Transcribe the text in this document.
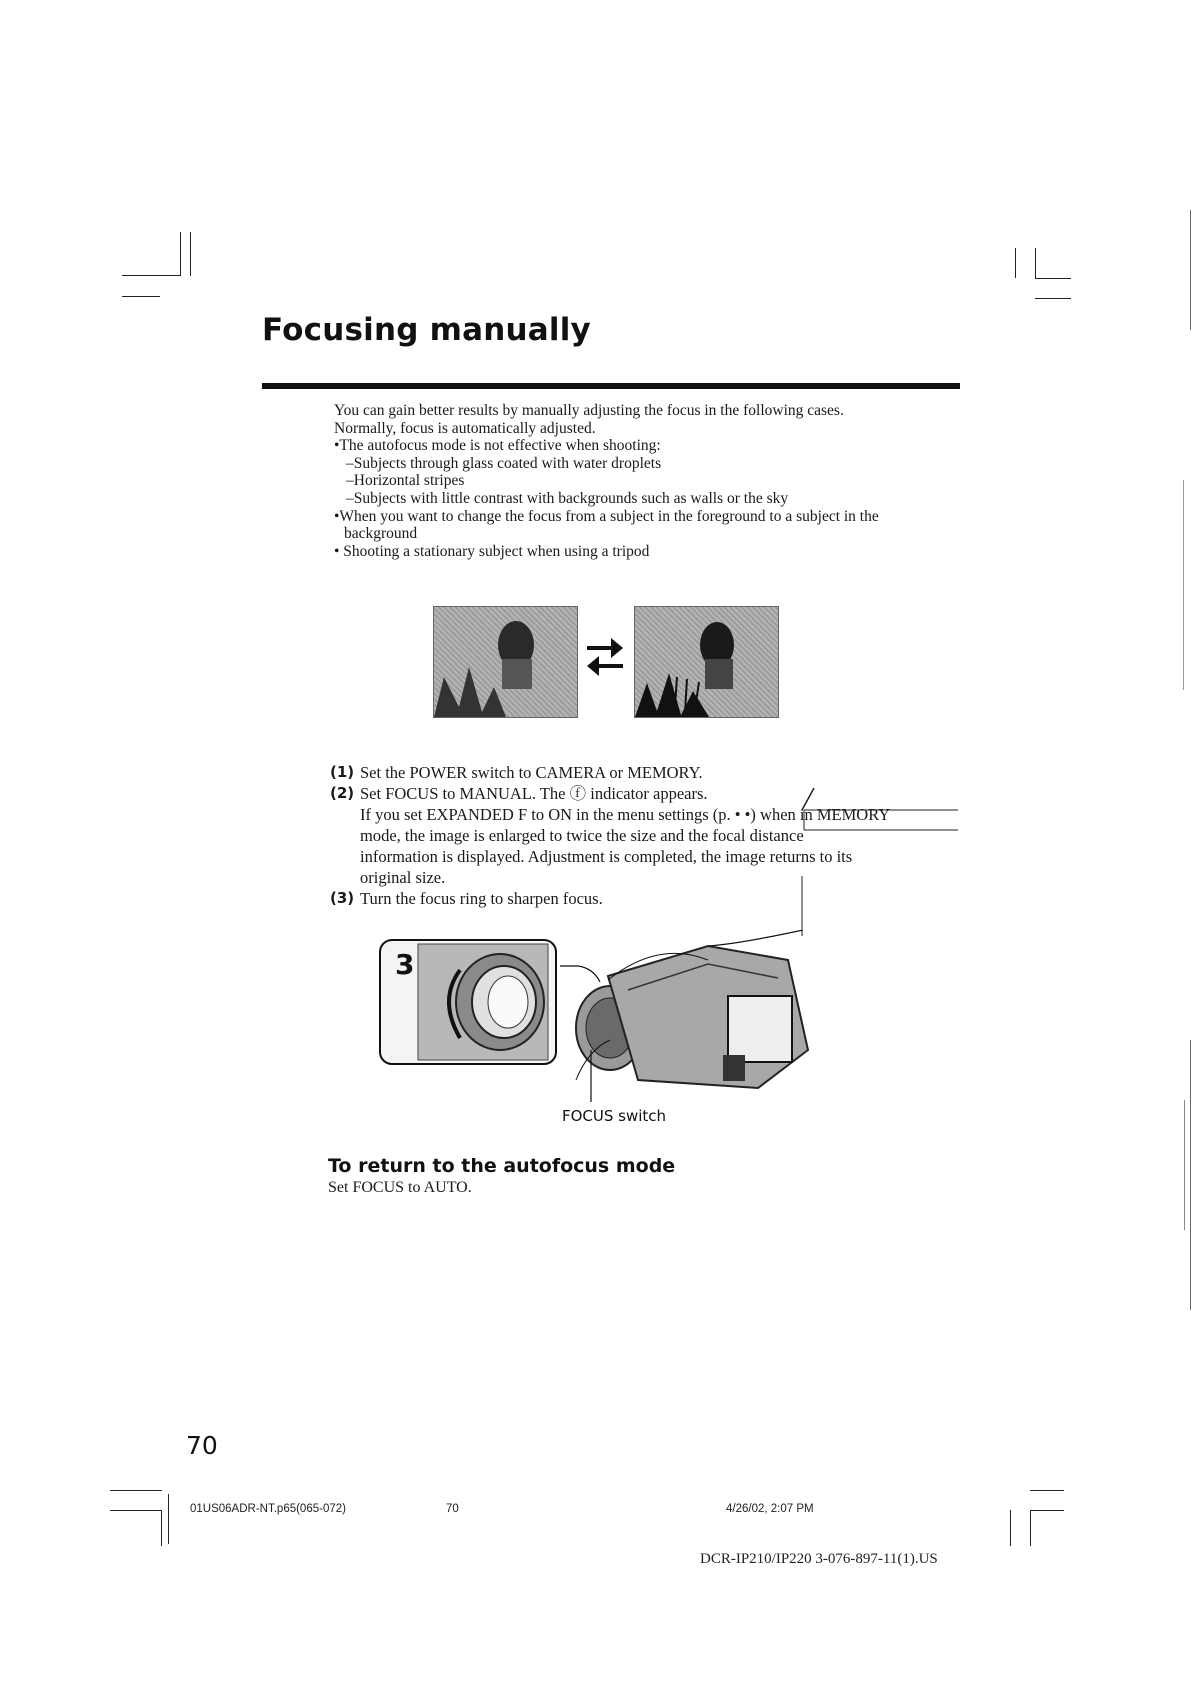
Focusing manually

You can gain better results by manually adjusting the focus in the following cases.

Normally, focus is automatically adjusted.

•The autofocus mode is not effective when shooting:

–Subjects through glass coated with water droplets

–Horizontal stripes

–Subjects with little contrast with backgrounds such as walls or the sky

•When you want to change the focus from a subject in the foreground to a subject in the

background

• Shooting a stationary subject when using a tripod

(1) Set the POWER switch to CAMERA or MEMORY.
(2) Set FOCUS to MANUAL. The ⓕ indicator appears.
If you set EXPANDED F to ON in the menu settings (p. • •) when in MEMORY
mode, the image is enlarged to twice the size and the focal distance
information is displayed. Adjustment is completed, the image returns to its
original size.
(3) Turn the focus ring to sharpen focus.
3
FOCUS switch
To return to the autofocus mode
Set FOCUS to AUTO.
70
01US06ADR-NT.p65(065-072)	70	4/26/02, 2:07 PM
DCR-IP210/IP220 3-076-897-11(1).US
